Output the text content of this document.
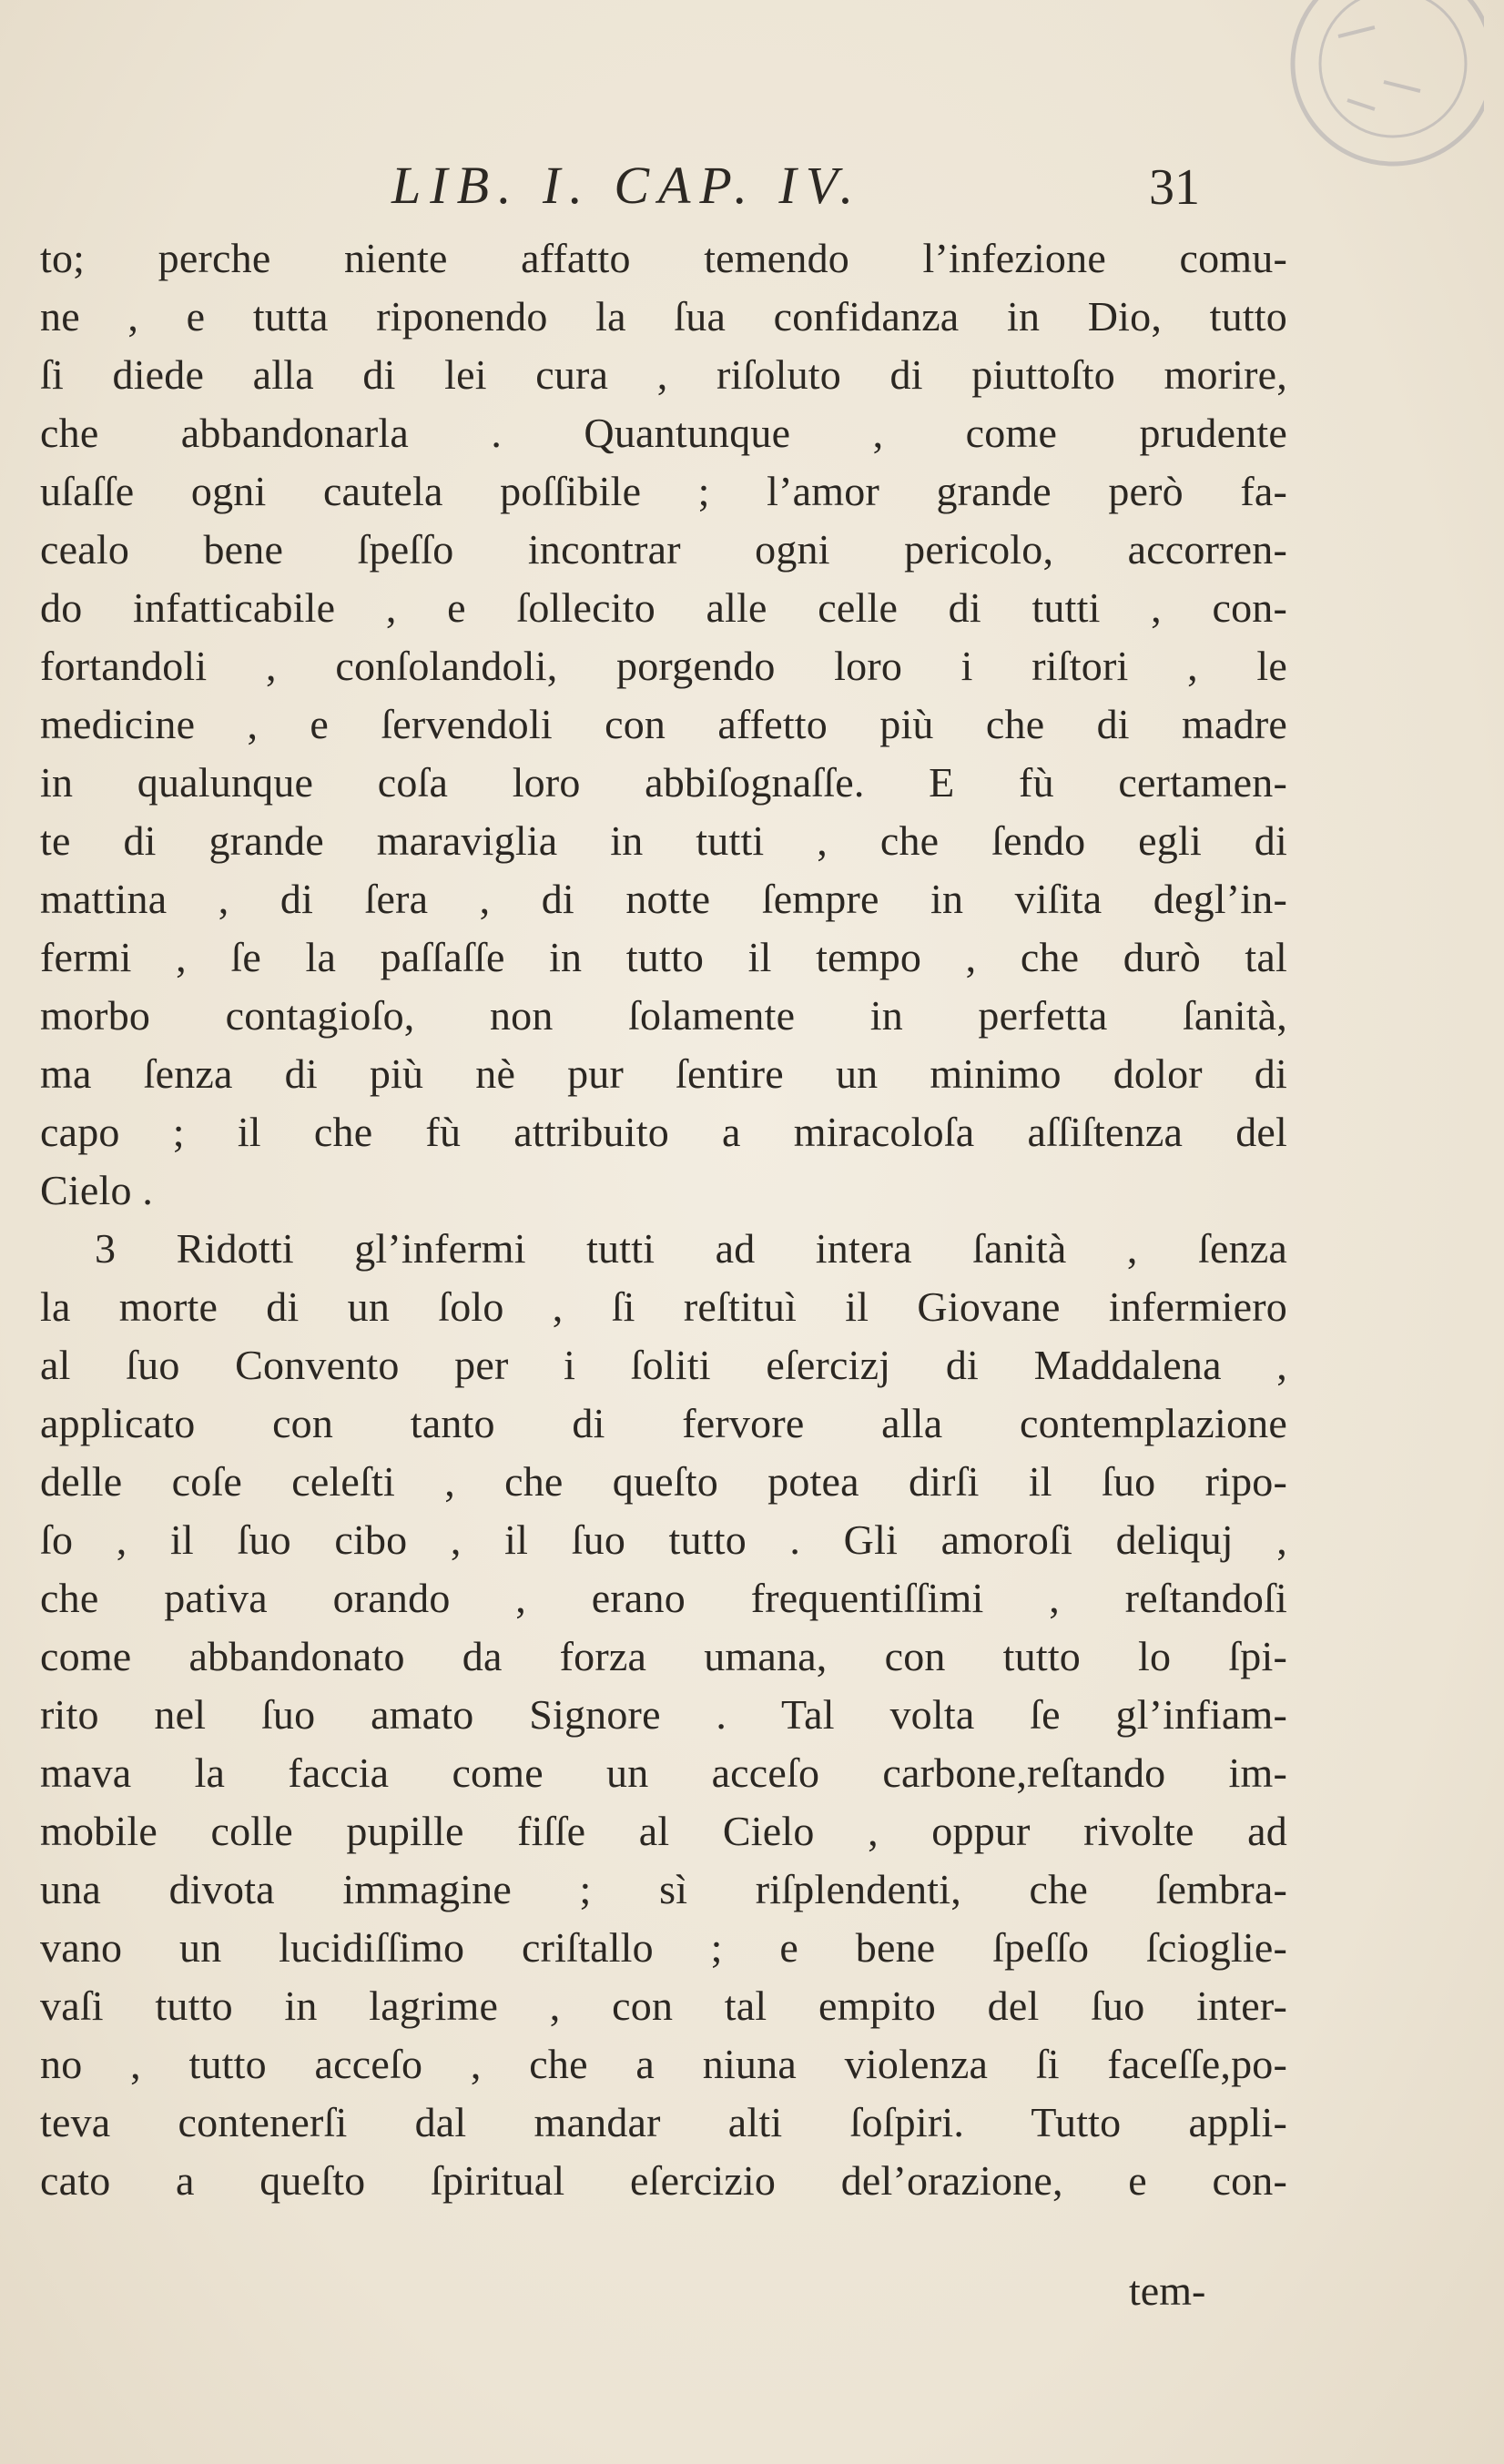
LIB. I. CAP. IV.	31
to; perche niente affatto temendo l’infezione comu-
ne , e tutta riponendo la ſua confidanza in Dio, tutto
ſi diede alla di lei cura , riſoluto di piuttoſto morire,
che abbandonarla . Quantunque , come prudente
uſaſſe ogni cautela poſſibile ; l’amor grande però fa-
cealo bene ſpeſſo incontrar ogni pericolo, accorren-
do infatticabile , e ſollecito alle celle di tutti , con-
fortandoli , conſolandoli, porgendo loro i riſtori , le
medicine , e ſervendoli con affetto più che di madre
in qualunque coſa loro abbiſognaſſe. E fù certamen-
te di grande maraviglia in tutti , che ſendo egli di
mattina , di ſera , di notte ſempre in viſita degl’in-
fermi , ſe la paſſaſſe in tutto il tempo , che durò tal
morbo contagioſo, non ſolamente in perfetta ſanità,
ma ſenza di più nè pur ſentire un minimo dolor di
capo ; il che fù attribuito a miracoloſa aſſiſtenza del
Cielo .
3 Ridotti gl’infermi tutti ad intera ſanità , ſenza
la morte di un ſolo , ſi reſtituì il Giovane infermiero
al ſuo Convento per i ſoliti eſercizj di Maddalena ,
applicato con tanto di fervore alla contemplazione
delle coſe celeſti , che queſto potea dirſi il ſuo ripo-
ſo , il ſuo cibo , il ſuo tutto . Gli amoroſi deliquj ,
che pativa orando , erano frequentiſſimi , reſtandoſi
come abbandonato da forza umana, con tutto lo ſpi-
rito nel ſuo amato Signore . Tal volta ſe gl’infiam-
mava la faccia come un acceſo carbone,reſtando im-
mobile colle pupille fiſſe al Cielo , oppur rivolte ad
una divota immagine ; sì riſplendenti, che ſembra-
vano un lucidiſſimo criſtallo ; e bene ſpeſſo ſcioglie-
vaſi tutto in lagrime , con tal empito del ſuo inter-
no , tutto acceſo , che a niuna violenza ſi faceſſe,po-
teva contenerſi dal mandar alti ſoſpiri. Tutto appli-
cato a queſto ſpiritual eſercizio del’orazione, e con-
tem-
